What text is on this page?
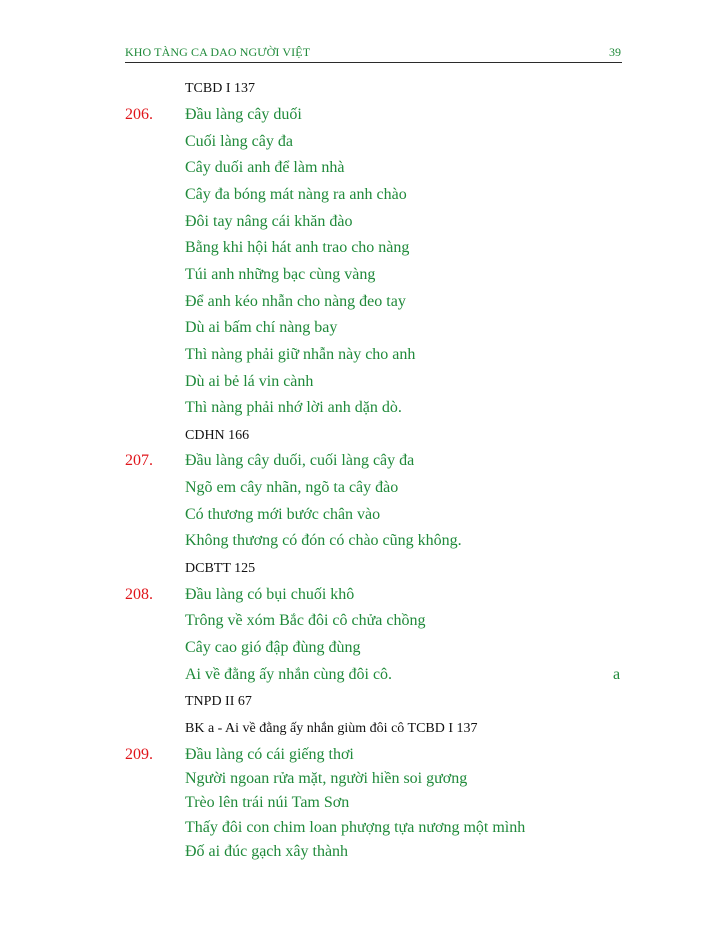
KHO TÀNG CA DAO NGƯỜI VIỆT	39
TCBD I 137
206. Đầu làng cây duối
Cuối làng cây đa
Cây duối anh để làm nhà
Cây đa bóng mát nàng ra anh chào
Đôi tay nâng cái khăn đào
Bằng khi hội hát anh trao cho nàng
Túi anh những bạc cùng vàng
Để anh kéo nhẫn cho nàng đeo tay
Dù ai bấm chí nàng bay
Thì nàng phải giữ nhẫn này cho anh
Dù ai bẻ lá vin cành
Thì nàng phải nhớ lời anh dặn dò.
CDHN 166
207. Đầu làng cây duối, cuối làng cây đa
Ngõ em cây nhãn, ngõ ta cây đào
Có thương mới bước chân vào
Không thương có đón có chào cũng không.
DCBTT 125
208. Đầu làng có bụi chuối khô
Trông về xóm Bắc đôi cô chửa chồng
Cây cao gió đập đùng đùng
Ai về đằng ấy nhắn cùng đôi cô.	a
TNPD II 67
BK a - Ai về đằng ấy nhắn giùm đôi cô TCBD I 137
209. Đầu làng có cái giếng thơi
Người ngoan rửa mặt, người hiền soi gương
Trèo lên trái núi Tam Sơn
Thấy đôi con chim loan phượng tựa nương một mình
Đố ai đúc gạch xây thành
